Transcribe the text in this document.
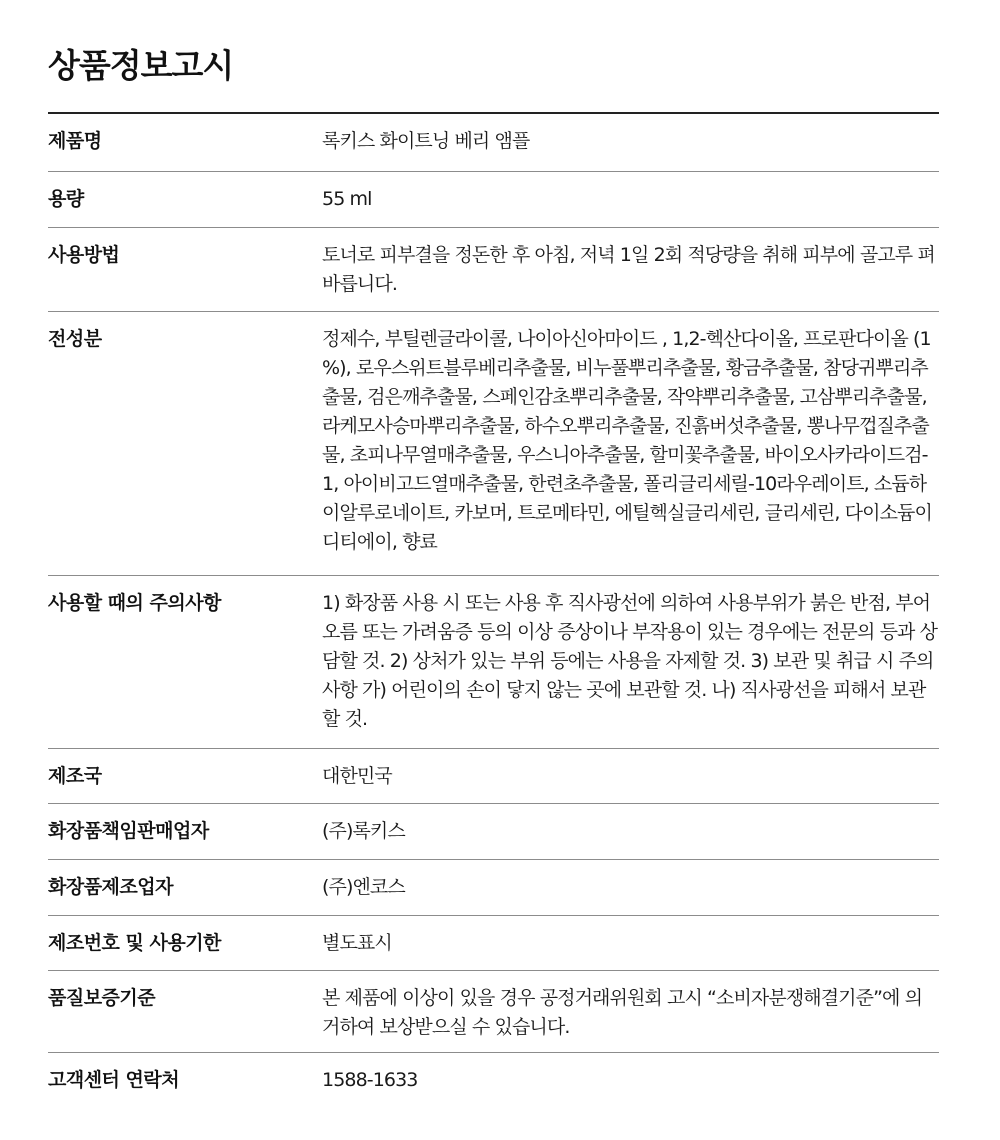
상품정보고시
제품명	록키스 화이트닝 베리 앰플
용량	55 ml
사용방법	토너로 피부결을 정돈한 후 아침, 저녁 1일 2회 적당량을 취해 피부에 골고루 펴 바릅니다.
전성분	정제수, 부틸렌글라이콜, 나이아신아마이드 , 1,2-헥산다이올, 프로판다이올 (1 %), 로우스위트블루베리추출물, 비누풀뿌리추출물, 황금추출물, 참당귀뿌리추출물, 검은깨추출물, 스페인감초뿌리추출물, 작약뿌리추출물, 고삼뿌리추출물, 라케모사승마뿌리추출물, 하수오뿌리추출물, 진흙버섯추출물, 뽕나무껍질추출물, 초피나무열매추출물, 우스니아추출물, 할미꽃추출물, 바이오사카라이드검-1, 아이비고드열매추출물, 한련초추출물, 폴리글리세릴-10라우레이트, 소듐하이알루로네이트, 카보머, 트로메타민, 에틸헥실글리세린, 글리세린, 다이소듐이디티에이, 향료
사용할 때의 주의사항	1) 화장품 사용 시 또는 사용 후 직사광선에 의하여 사용부위가 붉은 반점, 부어오름 또는 가려움증 등의 이상 증상이나 부작용이 있는 경우에는 전문의 등과 상담할 것. 2) 상처가 있는 부위 등에는 사용을 자제할 것. 3) 보관 및 취급 시 주의사항 가) 어린이의 손이 닿지 않는 곳에 보관할 것. 나) 직사광선을 피해서 보관할 것.
제조국	대한민국
화장품책임판매업자	(주)록키스
화장품제조업자	(주)엔코스
제조번호 및 사용기한	별도표시
품질보증기준	본 제품에 이상이 있을 경우 공정거래위원회 고시 “소비자분쟁해결기준”에 의거하여 보상받으실 수 있습니다.
고객센터 연락처	1588-1633
